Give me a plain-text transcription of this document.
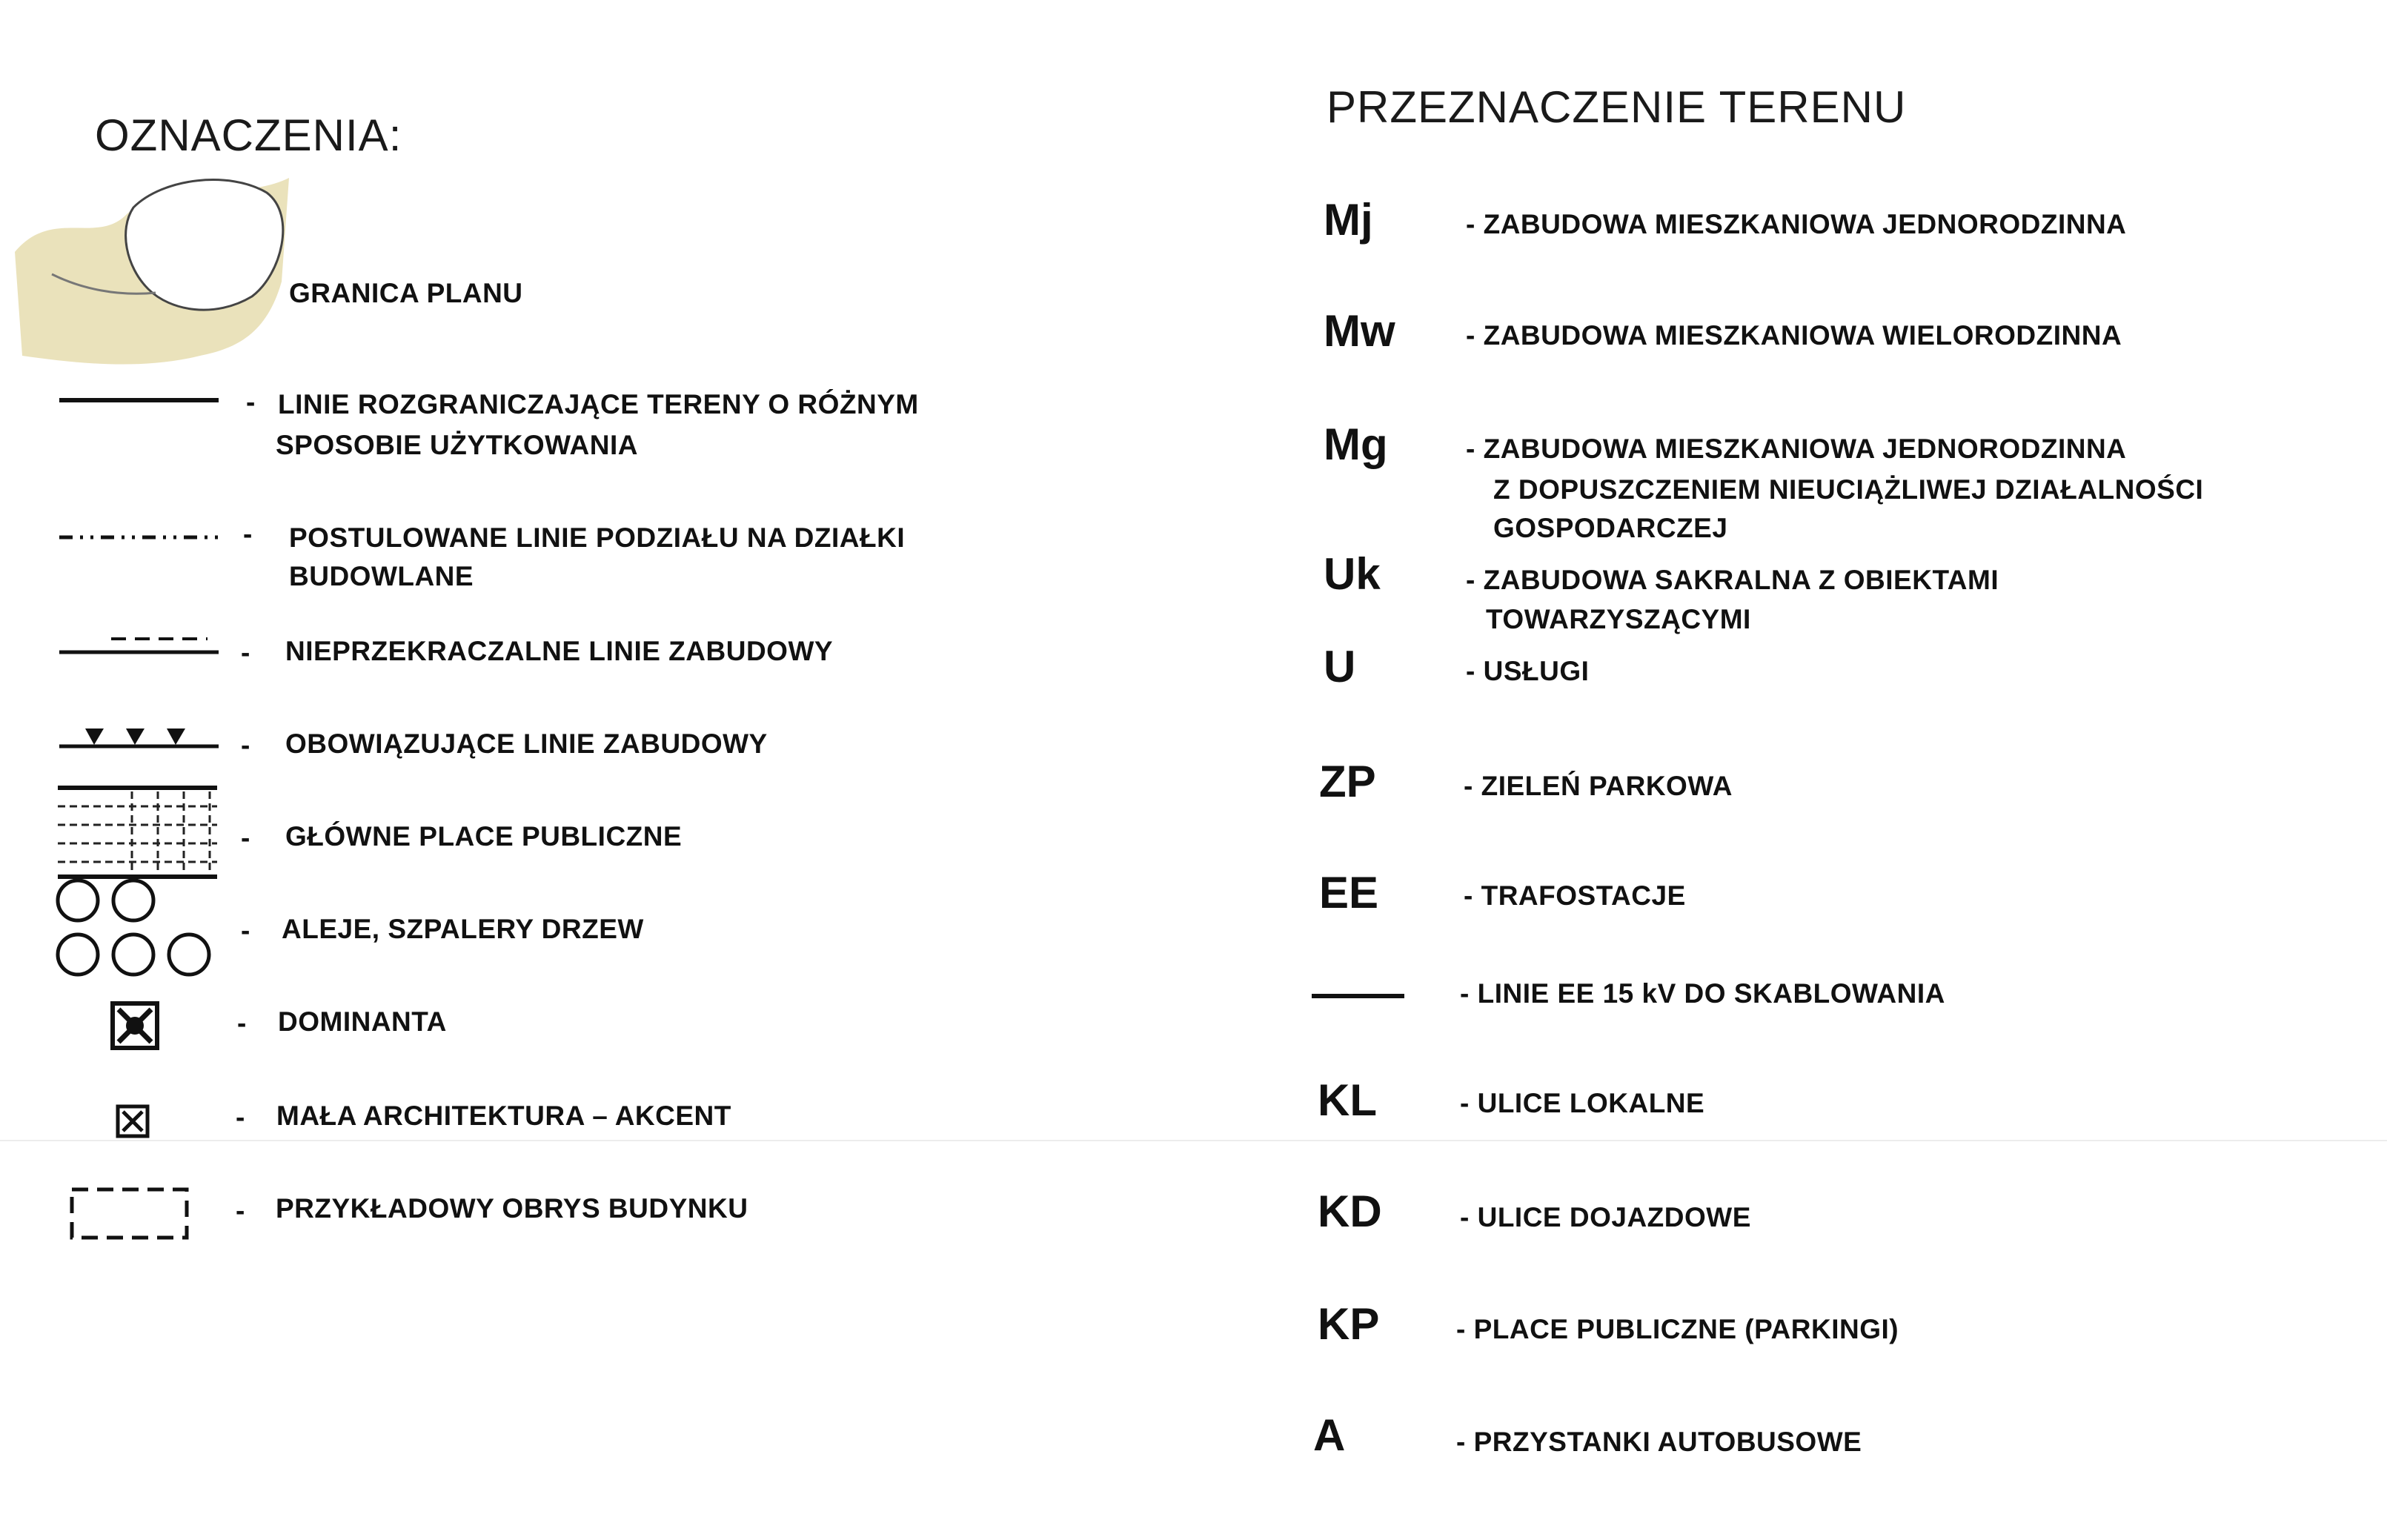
OZNACZENIA:
GRANICA PLANU
- LINIE ROZGRANICZAJĄCE TERENY O RÓŻNYM
SPOSOBIE UŻYTKOWANIA
- POSTULOWANE LINIE PODZIAŁU NA DZIAŁKI
BUDOWLANE
- NIEPRZEKRACZALNE LINIE ZABUDOWY
- OBOWIĄZUJĄCE LINIE ZABUDOWY
- GŁÓWNE PLACE PUBLICZNE
- ALEJE, SZPALERY DRZEW
- DOMINANTA
- MAŁA ARCHITEKTURA – AKCENT
- PRZYKŁADOWY OBRYS BUDYNKU
PRZEZNACZENIE TERENU
Mj	- ZABUDOWA MIESZKANIOWA JEDNORODZINNA
Mw	- ZABUDOWA MIESZKANIOWA WIELORODZINNA
Mg	- ZABUDOWA MIESZKANIOWA JEDNORODZINNA
Z DOPUSZCZENIEM NIEUCIĄŻLIWEJ DZIAŁALNOŚCI
GOSPODARCZEJ
Uk	- ZABUDOWA SAKRALNA Z OBIEKTAMI
TOWARZYSZĄCYMI
U	- USŁUGI
ZP	- ZIELEŃ PARKOWA
EE	- TRAFOSTACJE
- LINIE EE 15 kV DO SKABLOWANIA
KL	- ULICE LOKALNE
KD	- ULICE DOJAZDOWE
KP	- PLACE PUBLICZNE (PARKINGI)
A	- PRZYSTANKI AUTOBUSOWE
